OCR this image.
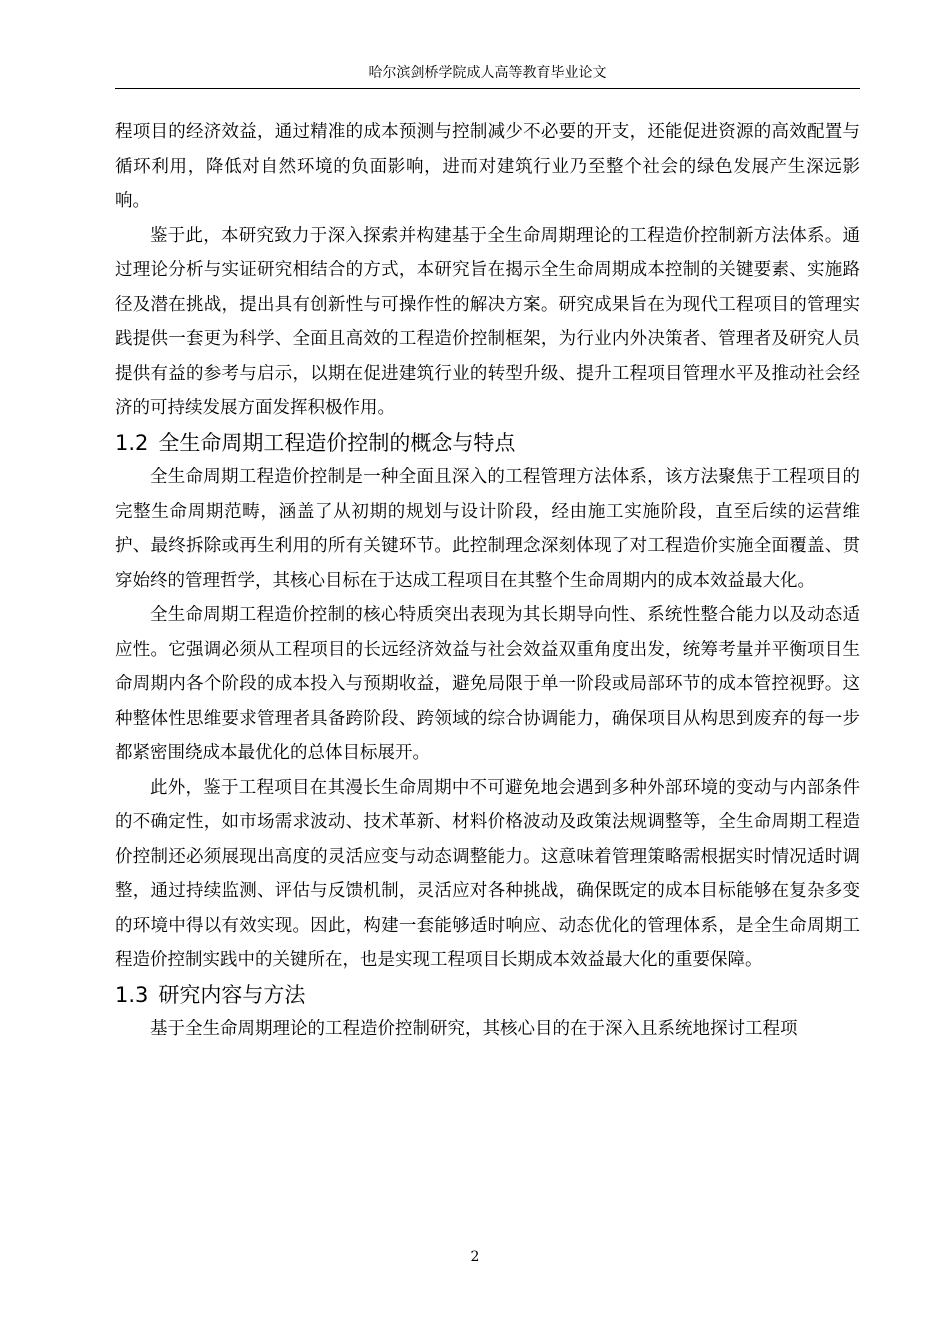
哈尔滨剑桥学院成人高等教育毕业论文

程项目的经济效益，通过精准的成本预测与控制减少不必要的开支，还能促进资源的高效配置与循环利用，降低对自然环境的负面影响，进而对建筑行业乃至整个社会的绿色发展产生深远影响。

鉴于此，本研究致力于深入探索并构建基于全生命周期理论的工程造价控制新方法体系。通过理论分析与实证研究相结合的方式，本研究旨在揭示全生命周期成本控制的关键要素、实施路径及潜在挑战，提出具有创新性与可操作性的解决方案。研究成果旨在为现代工程项目的管理实践提供一套更为科学、全面且高效的工程造价控制框架，为行业内外决策者、管理者及研究人员提供有益的参考与启示，以期在促进建筑行业的转型升级、提升工程项目管理水平及推动社会经济的可持续发展方面发挥积极作用。

1.2 全生命周期工程造价控制的概念与特点

全生命周期工程造价控制是一种全面且深入的工程管理方法体系，该方法聚焦于工程项目的完整生命周期范畴，涵盖了从初期的规划与设计阶段，经由施工实施阶段，直至后续的运营维护、最终拆除或再生利用的所有关键环节。此控制理念深刻体现了对工程造价实施全面覆盖、贯穿始终的管理哲学，其核心目标在于达成工程项目在其整个生命周期内的成本效益最大化。

全生命周期工程造价控制的核心特质突出表现为其长期导向性、系统性整合能力以及动态适应性。它强调必须从工程项目的长远经济效益与社会效益双重角度出发，统筹考量并平衡项目生命周期内各个阶段的成本投入与预期收益，避免局限于单一阶段或局部环节的成本管控视野。这种整体性思维要求管理者具备跨阶段、跨领域的综合协调能力，确保项目从构思到废弃的每一步都紧密围绕成本最优化的总体目标展开。

此外，鉴于工程项目在其漫长生命周期中不可避免地会遇到多种外部环境的变动与内部条件的不确定性，如市场需求波动、技术革新、材料价格波动及政策法规调整等，全生命周期工程造价控制还必须展现出高度的灵活应变与动态调整能力。这意味着管理策略需根据实时情况适时调整，通过持续监测、评估与反馈机制，灵活应对各种挑战，确保既定的成本目标能够在复杂多变的环境中得以有效实现。因此，构建一套能够适时响应、动态优化的管理体系，是全生命周期工程造价控制实践中的关键所在，也是实现工程项目长期成本效益最大化的重要保障。

1.3 研究内容与方法

基于全生命周期理论的工程造价控制研究，其核心目的在于深入且系统地探讨工程项

2
